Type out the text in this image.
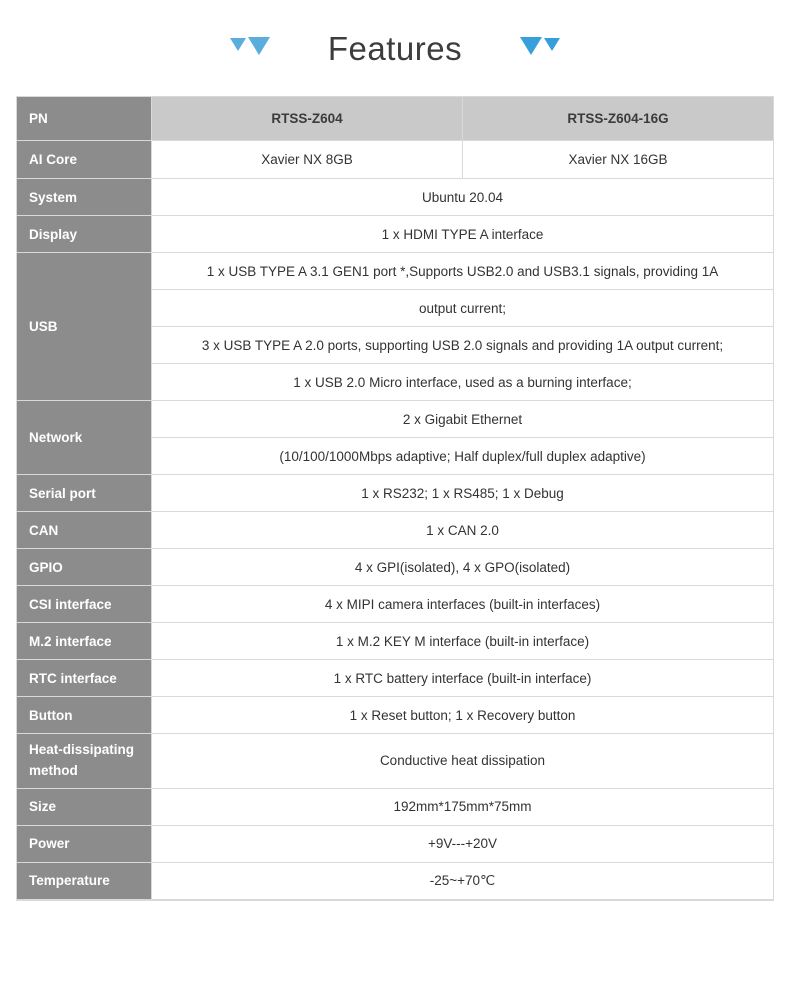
Features
PN	RTSS-Z604	RTSS-Z604-16G
AI Core	Xavier NX 8GB	Xavier NX 16GB
System	Ubuntu 20.04	
Display	1 x HDMI TYPE A interface	
USB	1 x USB TYPE A 3.1 GEN1 port *,Supports USB2.0 and USB3.1 signals, providing 1A	
	output current;	
	3 x USB TYPE A 2.0 ports, supporting USB 2.0 signals and providing 1A output current;	
	1 x USB 2.0 Micro interface, used as a burning interface;	
Network	2 x Gigabit Ethernet	
	(10/100/1000Mbps adaptive; Half duplex/full duplex adaptive)	
Serial port	1 x RS232; 1 x RS485; 1 x Debug	
CAN	1 x CAN 2.0	
GPIO	4 x GPI(isolated), 4 x GPO(isolated)	
CSI interface	4 x MIPI camera interfaces (built-in interfaces)	
M.2 interface	1 x M.2 KEY M interface (built-in interface)	
RTC interface	1 x RTC battery interface (built-in interface)	
Button	1 x Reset button; 1 x Recovery button	
Heat-dissipating method	Conductive heat dissipation	
Size	192mm*175mm*75mm	
Power	+9V---+20V	
Temperature	-25~+70℃	
